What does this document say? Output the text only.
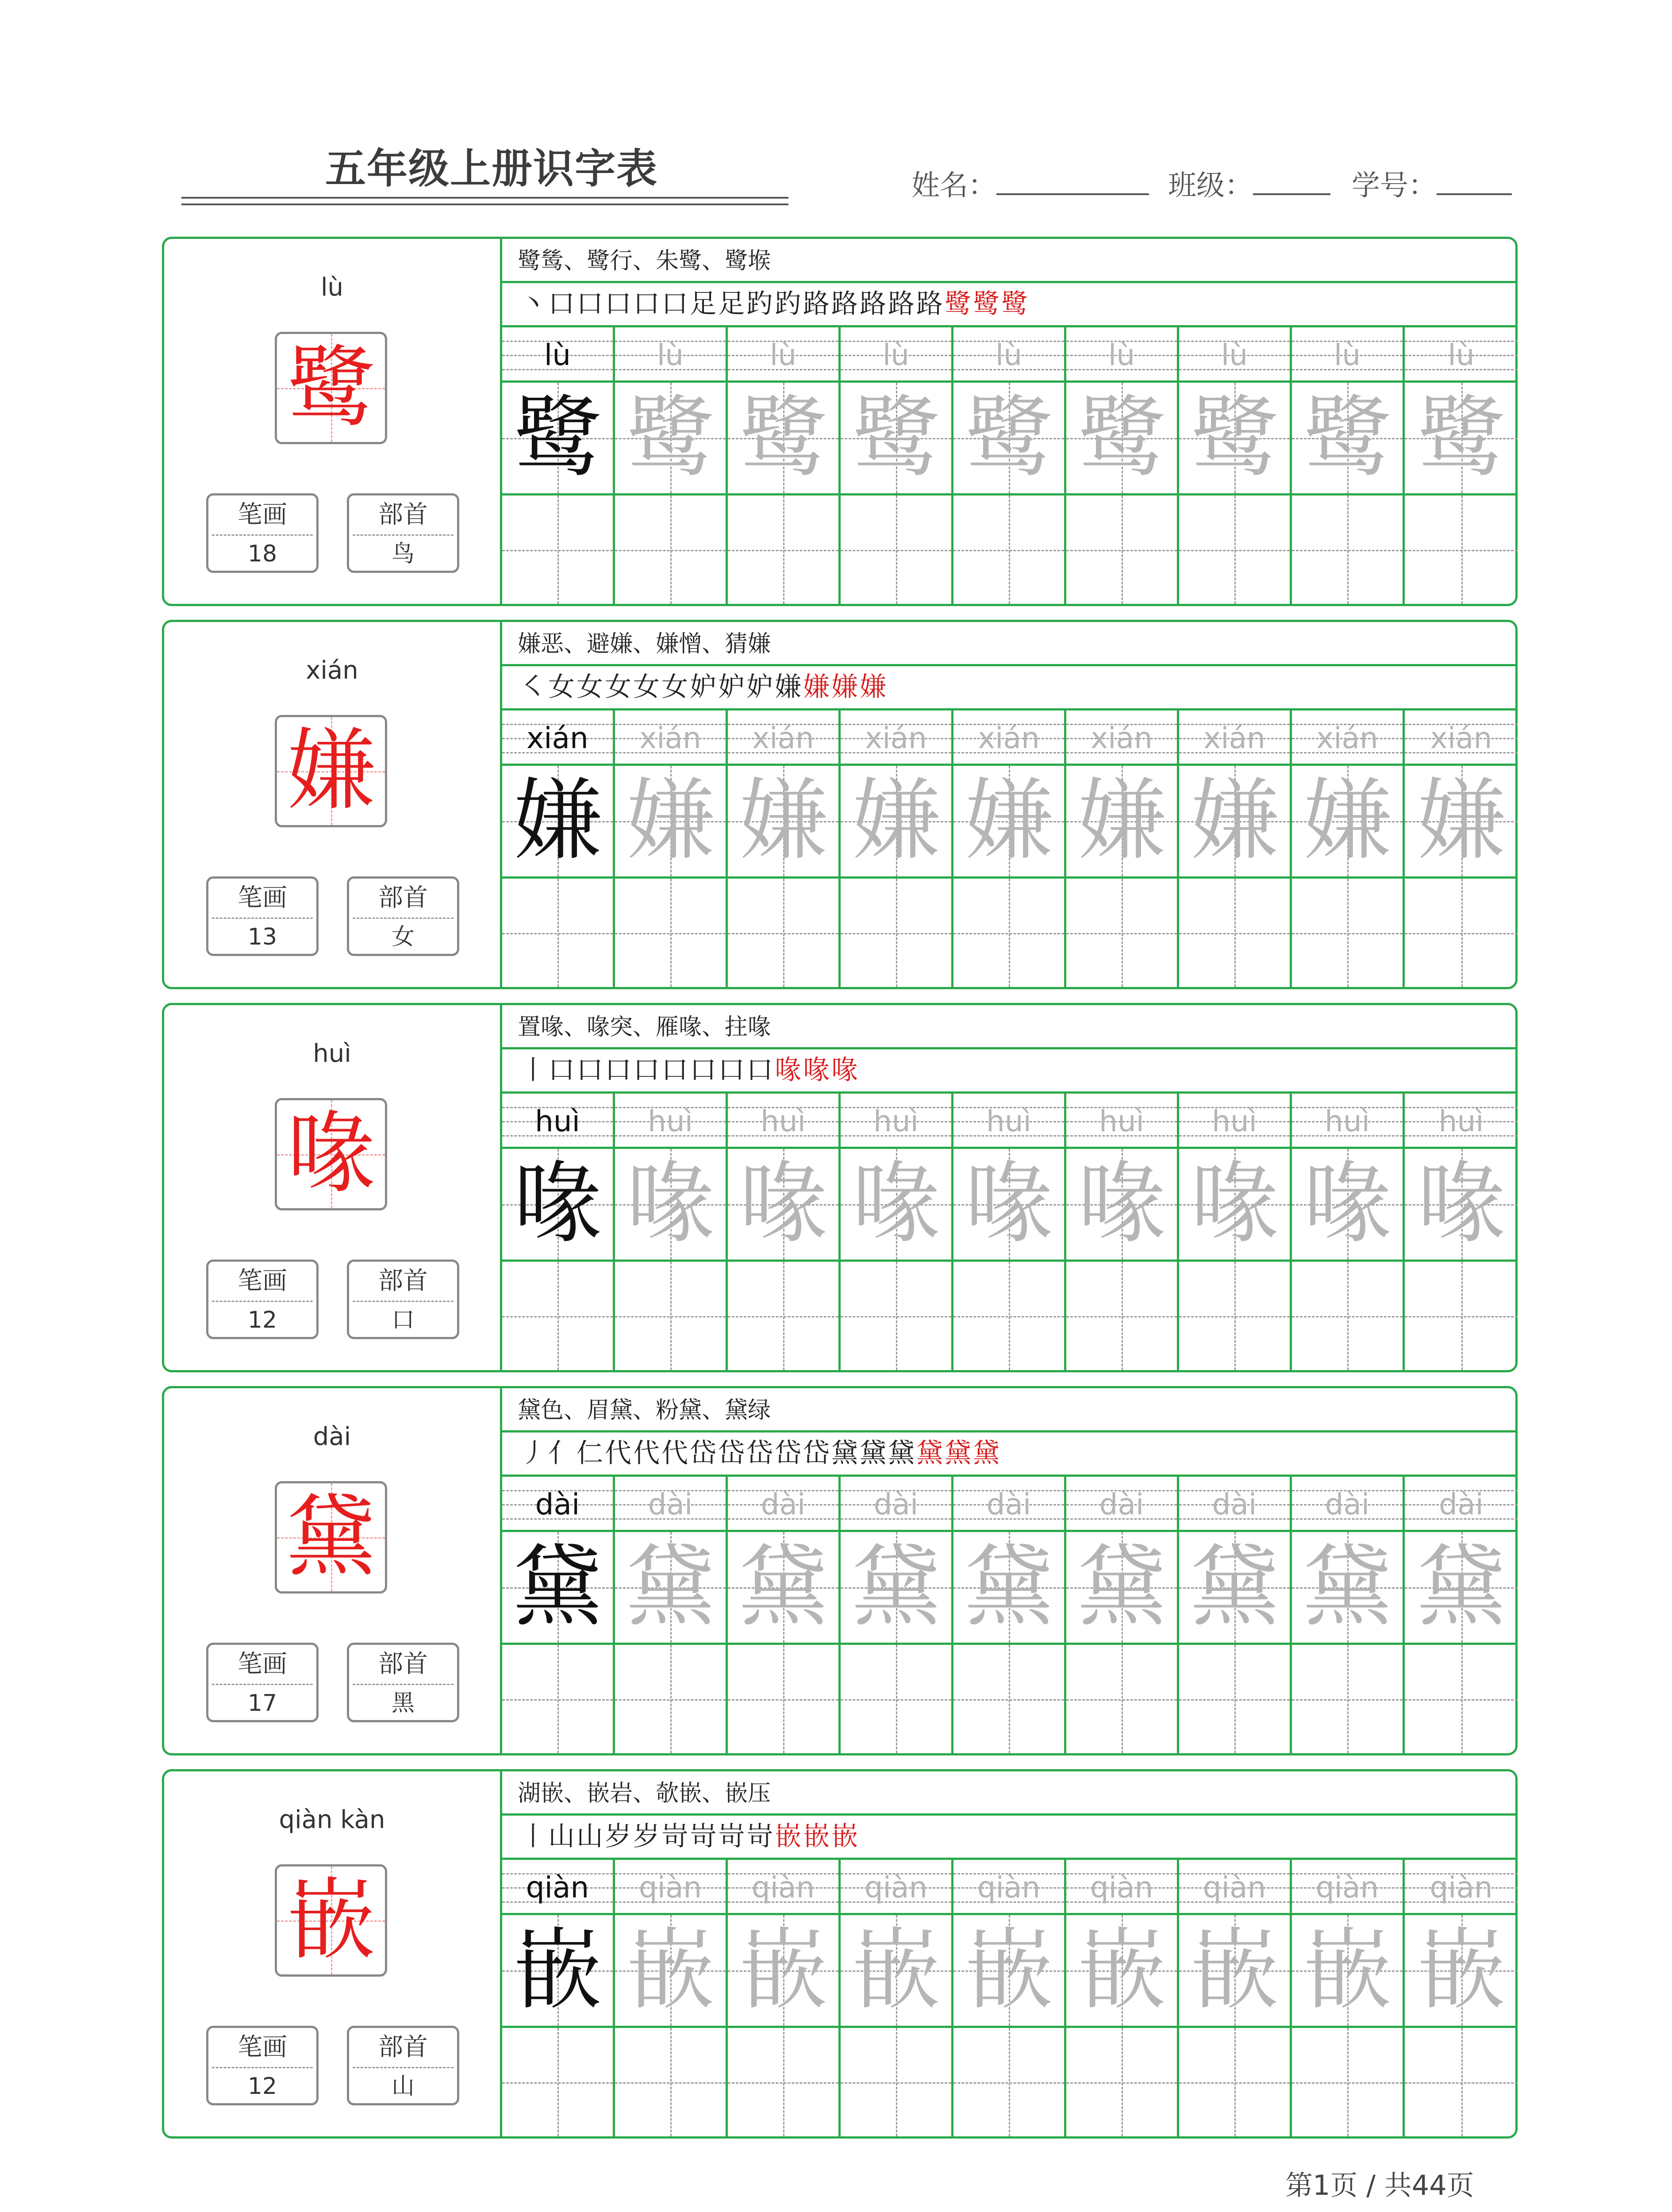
五年级上册识字表	姓名：	班级：	学号：
lù
鹭
笔画
18
部首
鸟
鹭鸶、鹭行、朱鹭、鹭堠
丶口口口口口足足趵趵路路路路路鹭鹭鹭
lù
鹭
lù
鹭
lù
鹭
lù
鹭
lù
鹭
lù
鹭
lù
鹭
lù
鹭
lù
鹭
xián
嫌
笔画
13
部首
女
嫌恶、避嫌、嫌憎、猜嫌
㇛女女女女女妒妒妒嫌嫌嫌嫌
xián
嫌
xián
嫌
xián
嫌
xián
嫌
xián
嫌
xián
嫌
xián
嫌
xián
嫌
xián
嫌
huì
喙
笔画
12
部首
口
置喙、喙突、雁喙、拄喙
丨口口口口口口口口喙喙喙
huì
喙
huì
喙
huì
喙
huì
喙
huì
喙
huì
喙
huì
喙
huì
喙
huì
喙
dài
黛
笔画
17
部首
黑
黛色、眉黛、粉黛、黛绿
丿亻仁代代代岱岱岱岱岱黛黛黛黛黛黛
dài
黛
dài
黛
dài
黛
dài
黛
dài
黛
dài
黛
dài
黛
dài
黛
dài
黛
qiàn kàn
嵌
笔画
12
部首
山
湖嵌、嵌岩、欹嵌、嵌压
丨山山岁岁岢岢岢岢嵌嵌嵌
qiàn
嵌
qiàn
嵌
qiàn
嵌
qiàn
嵌
qiàn
嵌
qiàn
嵌
qiàn
嵌
qiàn
嵌
qiàn
嵌
第1页 / 共44页
